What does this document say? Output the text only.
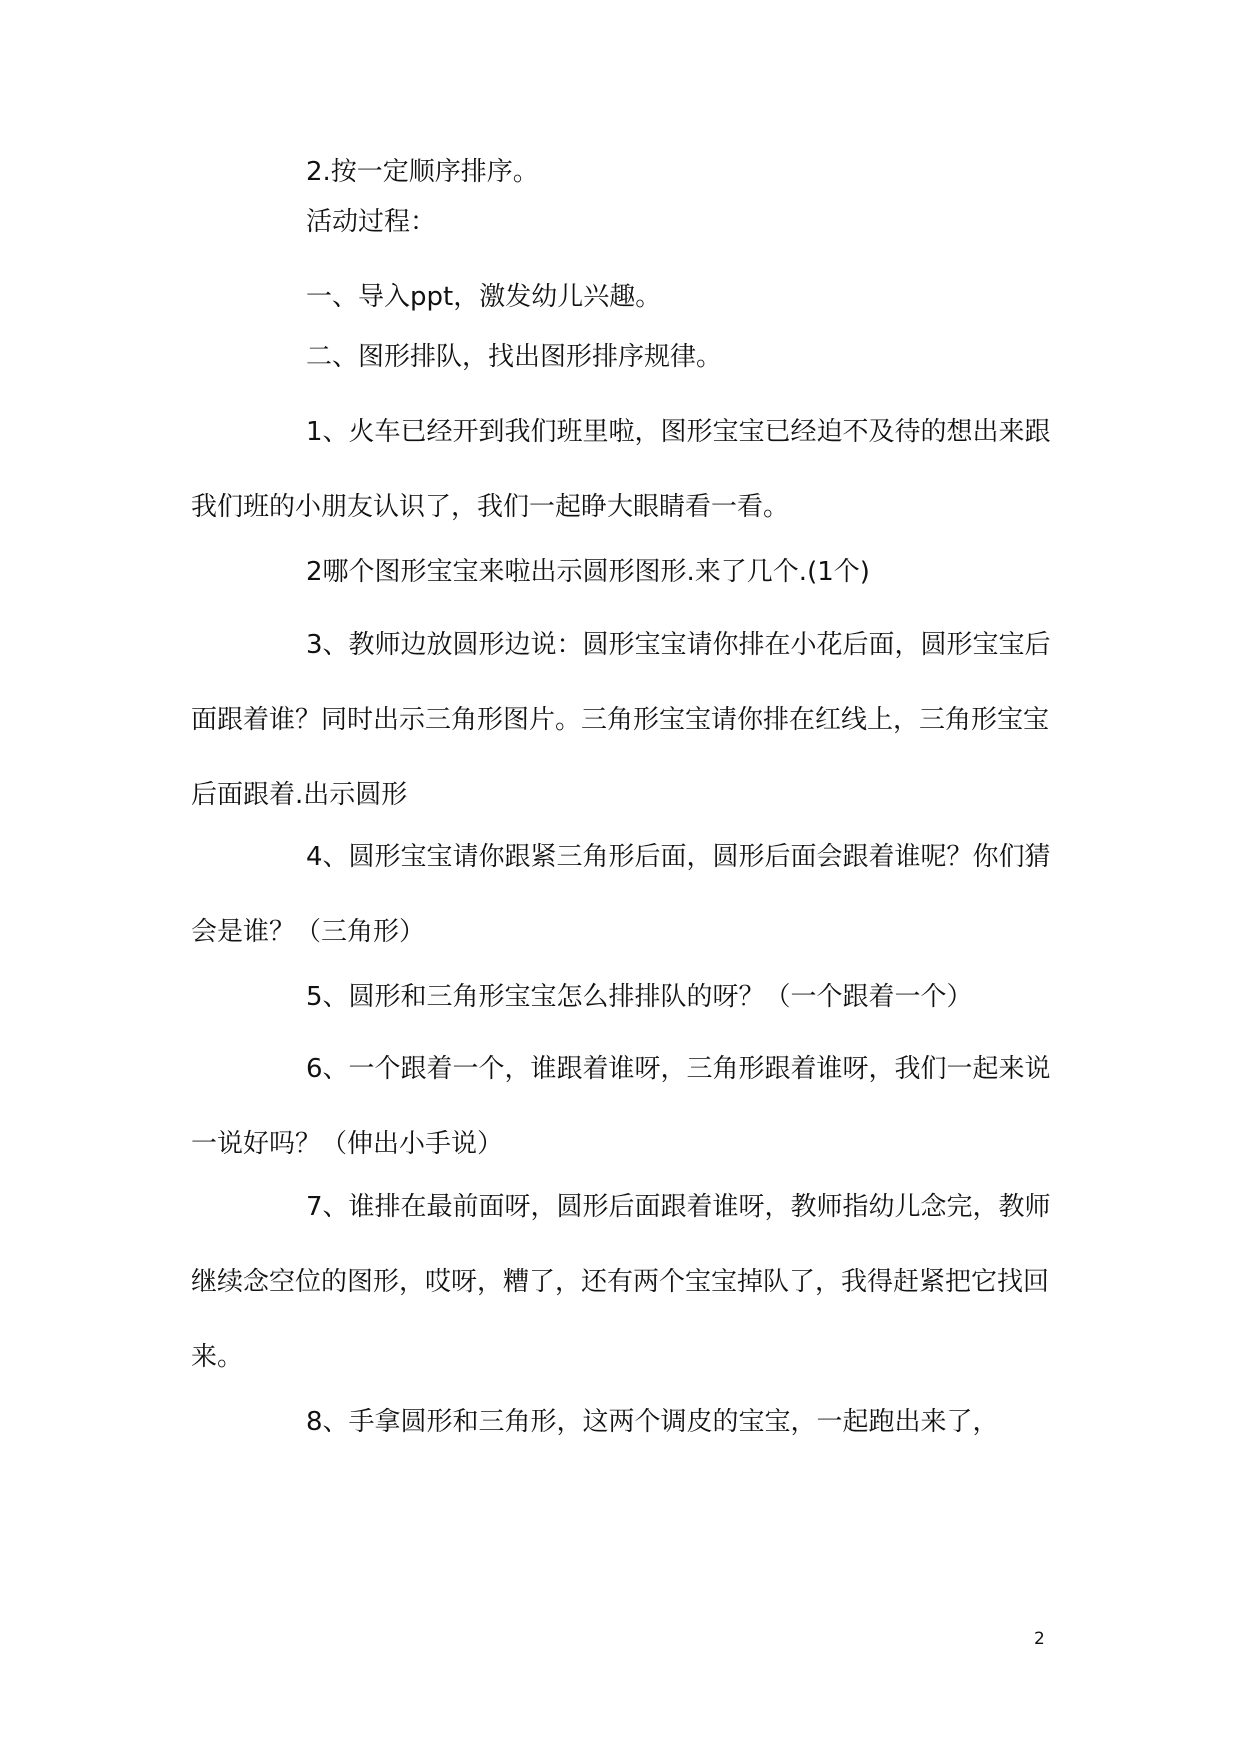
2.按一定顺序排序。

活动过程：

一、导入ppt，激发幼儿兴趣。

二、图形排队，找出图形排序规律。

1、火车已经开到我们班里啦，图形宝宝已经迫不及待的想出来跟我们班的小朋友认识了，我们一起睁大眼睛看一看。

2哪个图形宝宝来啦出示圆形图形.来了几个.(1个)

3、教师边放圆形边说：圆形宝宝请你排在小花后面，圆形宝宝后面跟着谁？同时出示三角形图片。三角形宝宝请你排在红线上，三角形宝宝后面跟着.出示圆形

4、圆形宝宝请你跟紧三角形后面，圆形后面会跟着谁呢？你们猜会是谁？（三角形）

5、圆形和三角形宝宝怎么排排队的呀？（一个跟着一个）

6、一个跟着一个，谁跟着谁呀，三角形跟着谁呀，我们一起来说一说好吗？（伸出小手说）

7、谁排在最前面呀，圆形后面跟着谁呀，教师指幼儿念完，教师继续念空位的图形，哎呀，糟了，还有两个宝宝掉队了，我得赶紧把它找回来。

8、手拿圆形和三角形，这两个调皮的宝宝，一起跑出来了，

2
